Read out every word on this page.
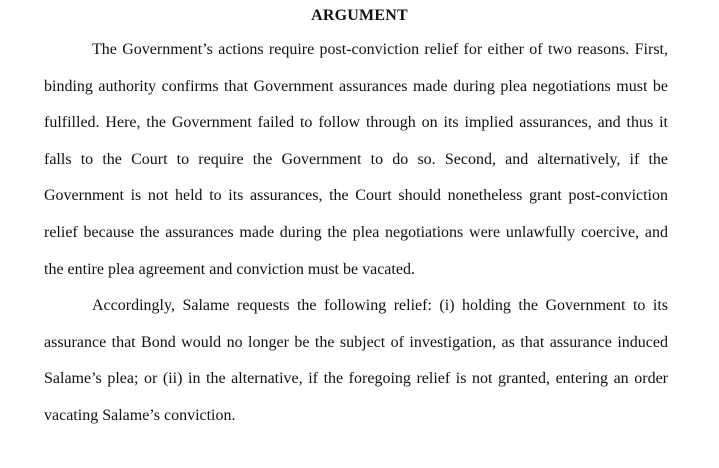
ARGUMENT

The Government’s actions require post-conviction relief for either of two reasons. First, binding authority confirms that Government assurances made during plea negotiations must be fulfilled. Here, the Government failed to follow through on its implied assurances, and thus it falls to the Court to require the Government to do so. Second, and alternatively, if the Government is not held to its assurances, the Court should nonetheless grant post-conviction relief because the assurances made during the plea negotiations were unlawfully coercive, and the entire plea agreement and conviction must be vacated.

Accordingly, Salame requests the following relief: (i) holding the Government to its assurance that Bond would no longer be the subject of investigation, as that assurance induced Salame’s plea; or (ii) in the alternative, if the foregoing relief is not granted, entering an order vacating Salame’s conviction.
